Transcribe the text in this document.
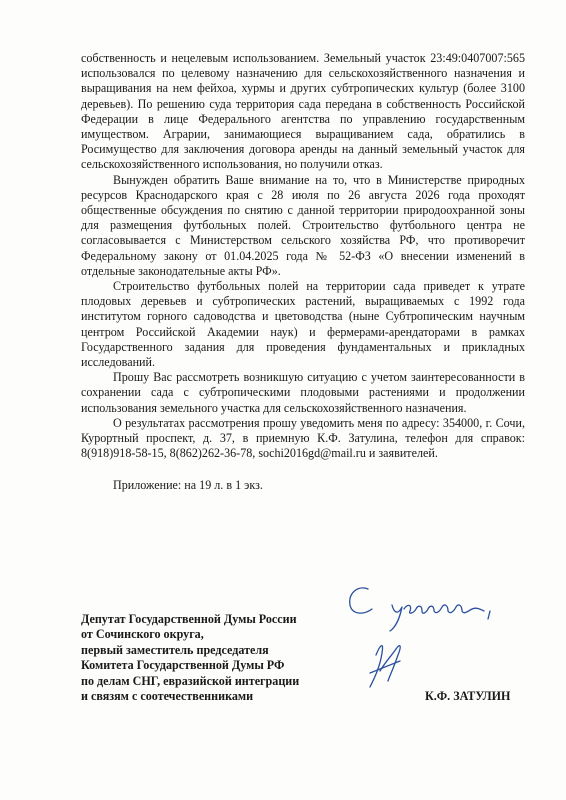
собственность и нецелевым использованием. Земельный участок 23:49:0407007:565 использовался по целевому назначению для сельскохозяйственного назначения и выращивания на нем фейхоа, хурмы и других субтропических культур (более 3100 деревьев). По решению суда территория сада передана в собственность Российской Федерации в лице Федерального агентства по управлению государственным имуществом. Аграрии, занимающиеся выращиванием сада, обратились в Росимущество для заключения договора аренды на данный земельный участок для сельскохозяйственного использования, но получили отказ.

Вынужден обратить Ваше внимание на то, что в Министерстве природных ресурсов Краснодарского края с 28 июля по 26 августа 2026 года проходят общественные обсуждения по снятию с данной территории природоохранной зоны для размещения футбольных полей. Строительство футбольного центра не согласовывается с Министерством сельского хозяйства РФ, что противоречит Федеральному закону от 01.04.2025 года № 52-ФЗ «О внесении изменений в отдельные законодательные акты РФ».

Строительство футбольных полей на территории сада приведет к утрате плодовых деревьев и субтропических растений, выращиваемых с 1992 года институтом горного садоводства и цветоводства (ныне Субтропическим научным центром Российской Академии наук) и фермерами-арендаторами в рамках Государственного задания для проведения фундаментальных и прикладных исследований.

Прошу Вас рассмотреть возникшую ситуацию с учетом заинтересованности в сохранении сада с субтропическими плодовыми растениями и продолжении использования земельного участка для сельскохозяйственного назначения.

О результатах рассмотрения прошу уведомить меня по адресу: 354000, г. Сочи, Курортный проспект, д. 37, в приемную К.Ф. Затулина, телефон для справок: 8(918)918-58-15, 8(862)262-36-78, sochi2016gd@mail.ru и заявителей.

Приложение: на 19 л. в 1 экз.

Депутат Государственной Думы России
от Сочинского округа,
первый заместитель председателя
Комитета Государственной Думы РФ
по делам СНГ, евразийской интеграции
и связям с соотечественниками	К.Ф. ЗАТУЛИН
